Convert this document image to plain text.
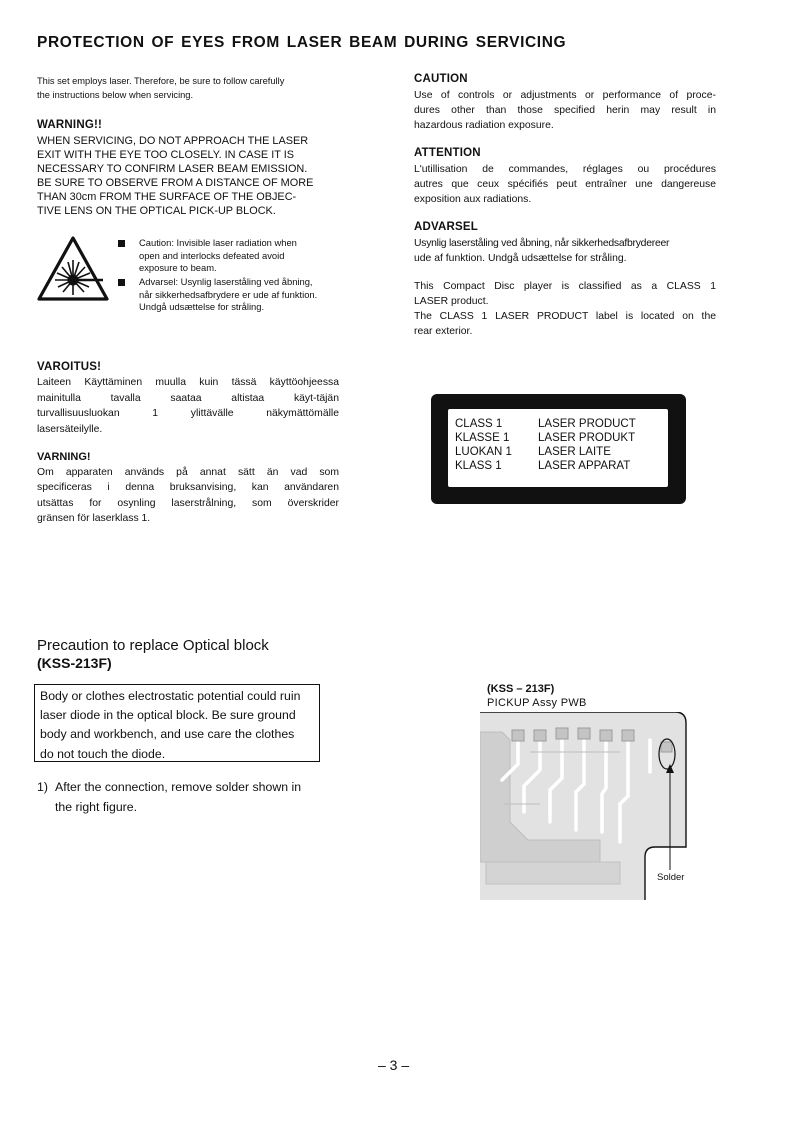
PROTECTION OF EYES FROM LASER BEAM DURING SERVICING
This set employs laser. Therefore, be sure to follow carefully
the instructions below when servicing.
WARNING!!
WHEN SERVICING, DO NOT APPROACH THE LASER
EXIT WITH THE EYE TOO CLOSELY. IN CASE IT IS
NECESSARY TO CONFIRM LASER BEAM EMISSION.
BE SURE TO OBSERVE FROM A DISTANCE OF MORE
THAN 30cm FROM THE SURFACE OF THE OBJEC-
TIVE LENS ON THE OPTICAL PICK-UP BLOCK.
Caution: Invisible laser radiation when
open and interlocks defeated avoid
exposure to beam.
Advarsel: Usynlig laserståling ved åbning,
når sikkerhedsafbrydere er ude af funktion.
Undgå udsættelse for stråling.
VAROITUS!
Laiteen Käyttäminen muulla kuin tässä käyttöohjeessa
mainitulla tavalla saataa altistaa käyt-täjän
turvallisuusluokan 1 ylittävälle näkymättömälle
lasersäteilylle.
VARNING!
Om apparaten används på annat sätt än vad som
specificeras i denna bruksanvising, kan användaren
utsättas for osynling laserstrålning, som överskrider
gränsen för laserklass 1.
CAUTION
Use of controls or adjustments or performance of proce-
dures other than those specified herin may result in
hazardous radiation exposure.
ATTENTION
L'utillisation de commandes, réglages ou procédures
autres que ceux spécifiés peut entraîner une dangereuse
exposition aux radiations.
ADVARSEL
Usynlig laserståling ved åbning, når sikkerhedsafbrydereer
ude af funktion. Undgå udsættelse for stråling.
This Compact Disc player is classified as a CLASS 1
LASER product.
The CLASS 1 LASER PRODUCT label is located on the
rear exterior.
CLASS 1	LASER PRODUCT
KLASSE 1 LASER PRODUKT
LUOKAN 1 LASER LAITE
KLASS 1	LASER APPARAT
Precaution to replace Optical block
(KSS-213F)
Body or clothes electrostatic potential could ruin
laser diode in the optical block. Be sure ground
body and workbench, and use care the clothes
do not touch the diode.
1) After the connection, remove solder shown in
the right figure.
(KSS – 213F)
PICKUP Assy PWB
Solder
– 3 –
